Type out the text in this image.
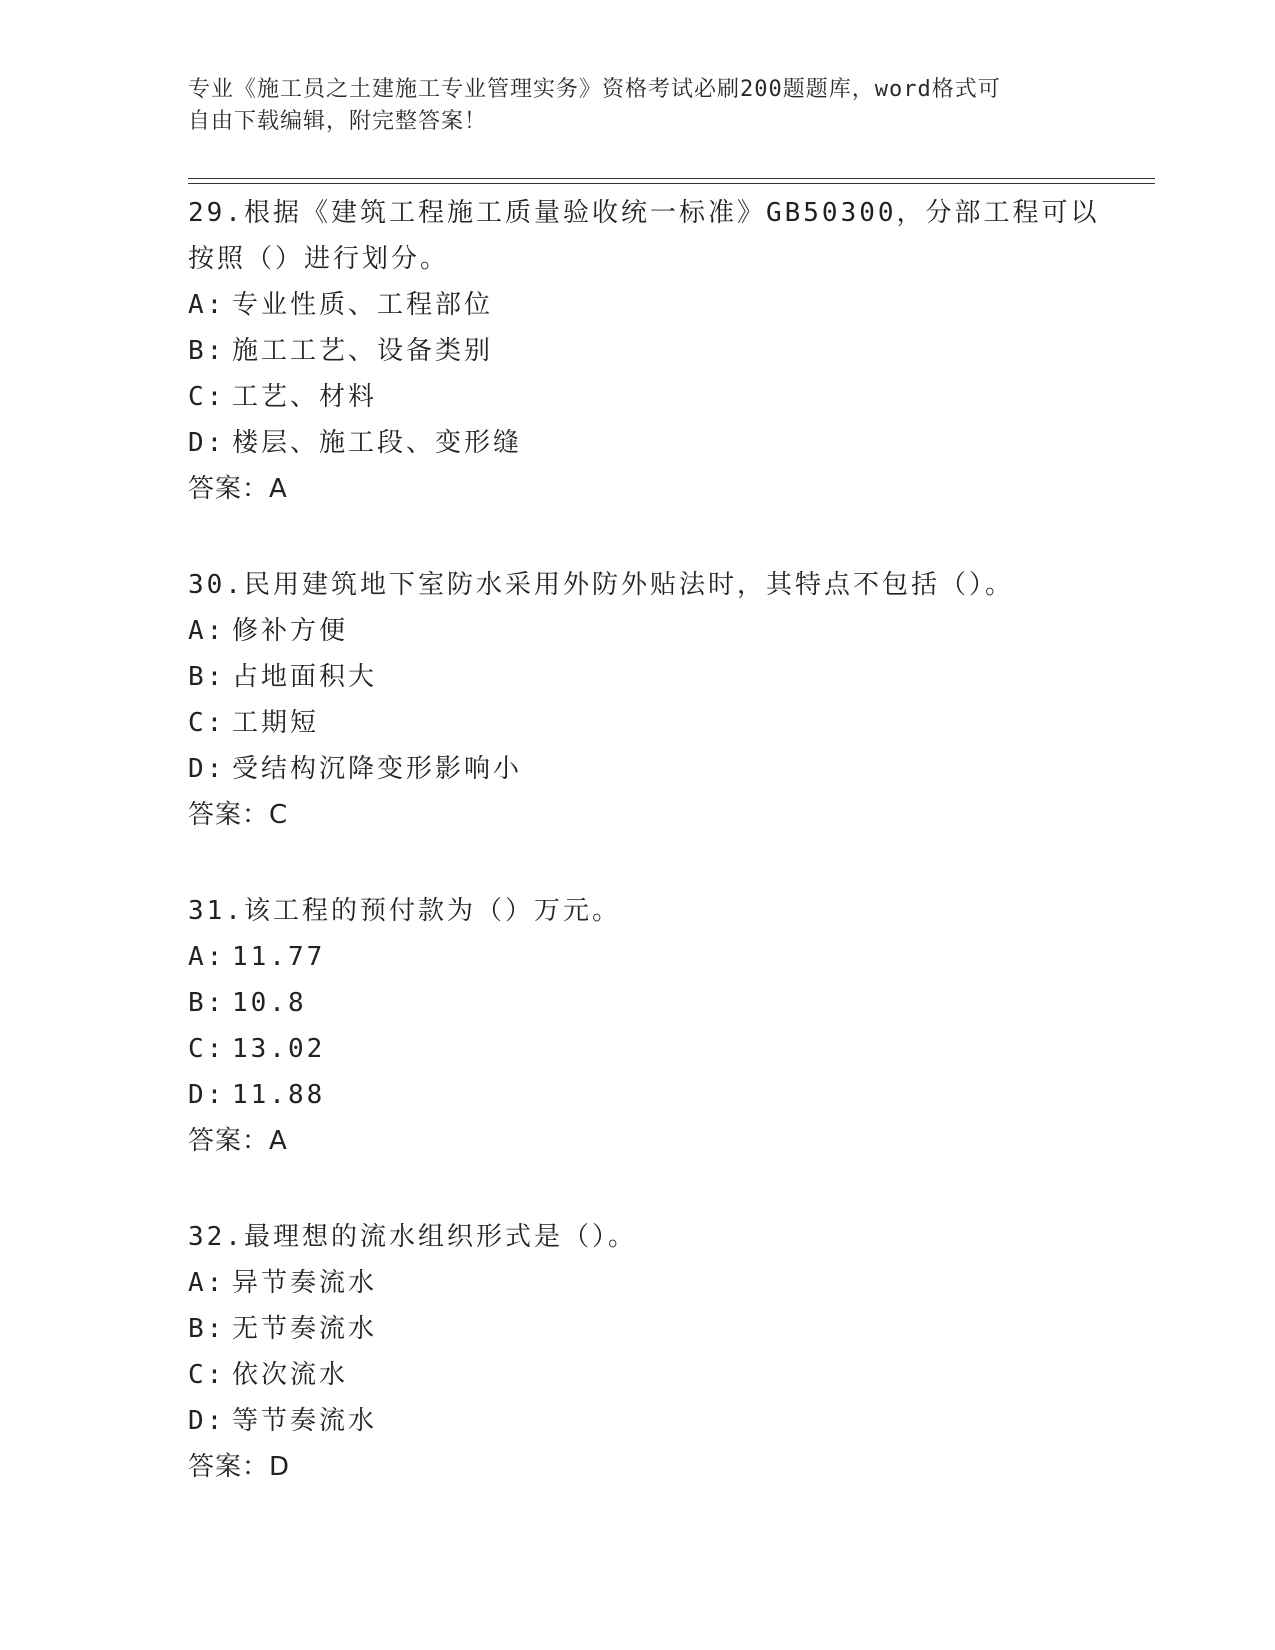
专业《施工员之土建施工专业管理实务》资格考试必刷200题题库，word格式可
自由下载编辑，附完整答案！
29.根据《建筑工程施工质量验收统一标准》GB50300，分部工程可以
按照（）进行划分。
A: 专业性质、工程部位
B: 施工工艺、设备类别
C: 工艺、材料
D: 楼层、施工段、变形缝
答案：A
30.民用建筑地下室防水采用外防外贴法时，其特点不包括（）。
A: 修补方便
B: 占地面积大
C: 工期短
D: 受结构沉降变形影响小
答案：C
31.该工程的预付款为（）万元。
A: 11.77
B: 10.8
C: 13.02
D: 11.88
答案：A
32.最理想的流水组织形式是（）。
A: 异节奏流水
B: 无节奏流水
C: 依次流水
D: 等节奏流水
答案：D
